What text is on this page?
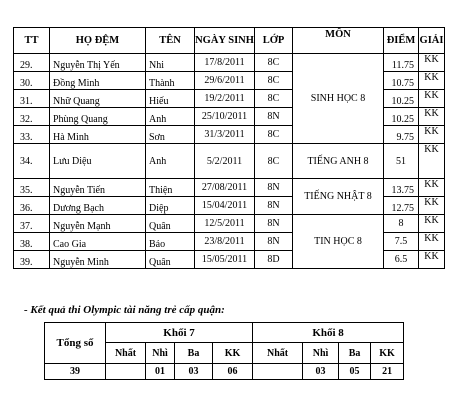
TT	HỌ ĐỆM	TÊN	NGÀY SINH	LỚP	MÔN	ĐIỂM	GIẢI
29.	Nguyễn Thị Yến	Nhi	17/8/2011	8C	SINH HỌC 8	11.75	KK
30.	Đồng Minh	Thành	29/6/2011	8C		10.75	KK
31.	Nhữ Quang	Hiếu	19/2/2011	8C		10.25	KK
32.	Phùng Quang	Anh	25/10/2011	8N		10.25	KK
33.	Hà Minh	Sơn	31/3/2011	8C		9.75	KK
34.	Lưu Diệu	Anh	5/2/2011	8C	TIẾNG ANH 8	51	KK
35.	Nguyễn Tiến	Thiện	27/08/2011	8N	TIẾNG NHẬT 8	13.75	KK
36.	Dương Bạch	Diệp	15/04/2011	8N		12.75	KK
37.	Nguyễn Mạnh	Quân	12/5/2011	8N	TIN HỌC 8	8	KK
38.	Cao Gia	Bảo	23/8/2011	8N		7.5	KK
39.	Nguyễn Minh	Quân	15/05/2011	8D		6.5	KK
- Kết quả thi Olympic tài năng trẻ cấp quận:
Tổng số	Khối 7				Khối 8			
	Nhất	Nhì	Ba	KK	Nhất	Nhì	Ba	KK
39		01	03	06		03	05	21
